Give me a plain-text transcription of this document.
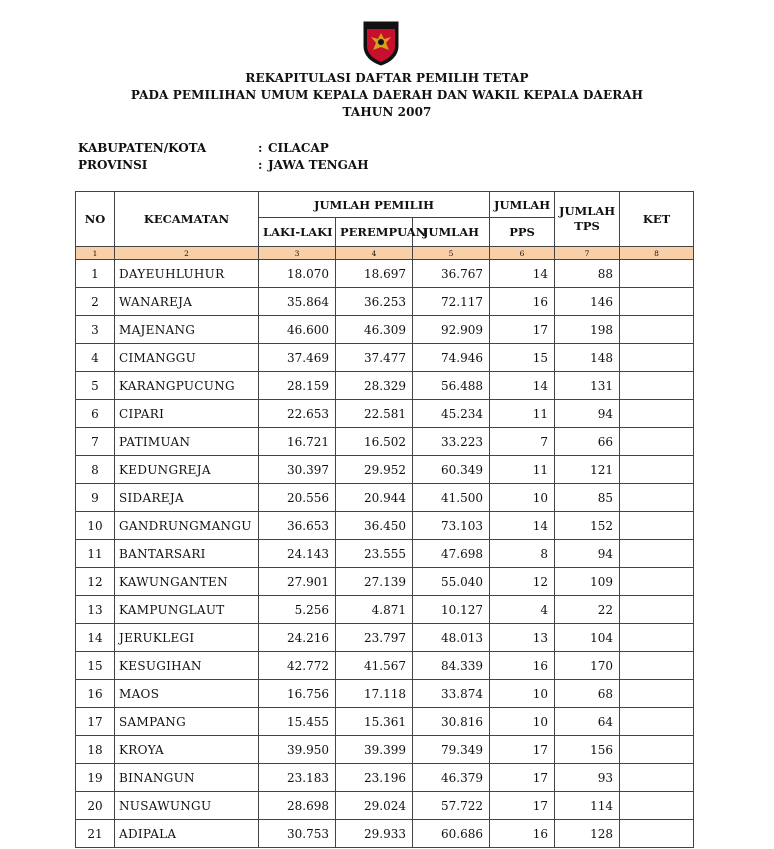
REKAPITULASI DAFTAR PEMILIH TETAP
PADA PEMILIHAN UMUM KEPALA DAERAH DAN WAKIL KEPALA DAERAH
TAHUN 2007
KABUPATEN/KOTA	: CILACAP
PROVINSI	: JAWA TENGAH
NO	KECAMATAN	JUMLAH PEMILIH			JUMLAH	JUMLAH TPS	KET
		LAKI-LAKI	PEREMPUAN	JUMLAH	PPS		
1	2	3	4	5	6	7	8
1	DAYEUHLUHUR	18.070	18.697	36.767	14	88	
2	WANAREJA	35.864	36.253	72.117	16	146	
3	MAJENANG	46.600	46.309	92.909	17	198	
4	CIMANGGU	37.469	37.477	74.946	15	148	
5	KARANGPUCUNG	28.159	28.329	56.488	14	131	
6	CIPARI	22.653	22.581	45.234	11	94	
7	PATIMUAN	16.721	16.502	33.223	7	66	
8	KEDUNGREJA	30.397	29.952	60.349	11	121	
9	SIDAREJA	20.556	20.944	41.500	10	85	
10	GANDRUNGMANGU	36.653	36.450	73.103	14	152	
11	BANTARSARI	24.143	23.555	47.698	8	94	
12	KAWUNGANTEN	27.901	27.139	55.040	12	109	
13	KAMPUNGLAUT	5.256	4.871	10.127	4	22	
14	JERUKLEGI	24.216	23.797	48.013	13	104	
15	KESUGIHAN	42.772	41.567	84.339	16	170	
16	MAOS	16.756	17.118	33.874	10	68	
17	SAMPANG	15.455	15.361	30.816	10	64	
18	KROYA	39.950	39.399	79.349	17	156	
19	BINANGUN	23.183	23.196	46.379	17	93	
20	NUSAWUNGU	28.698	29.024	57.722	17	114	
21	ADIPALA	30.753	29.933	60.686	16	128	
